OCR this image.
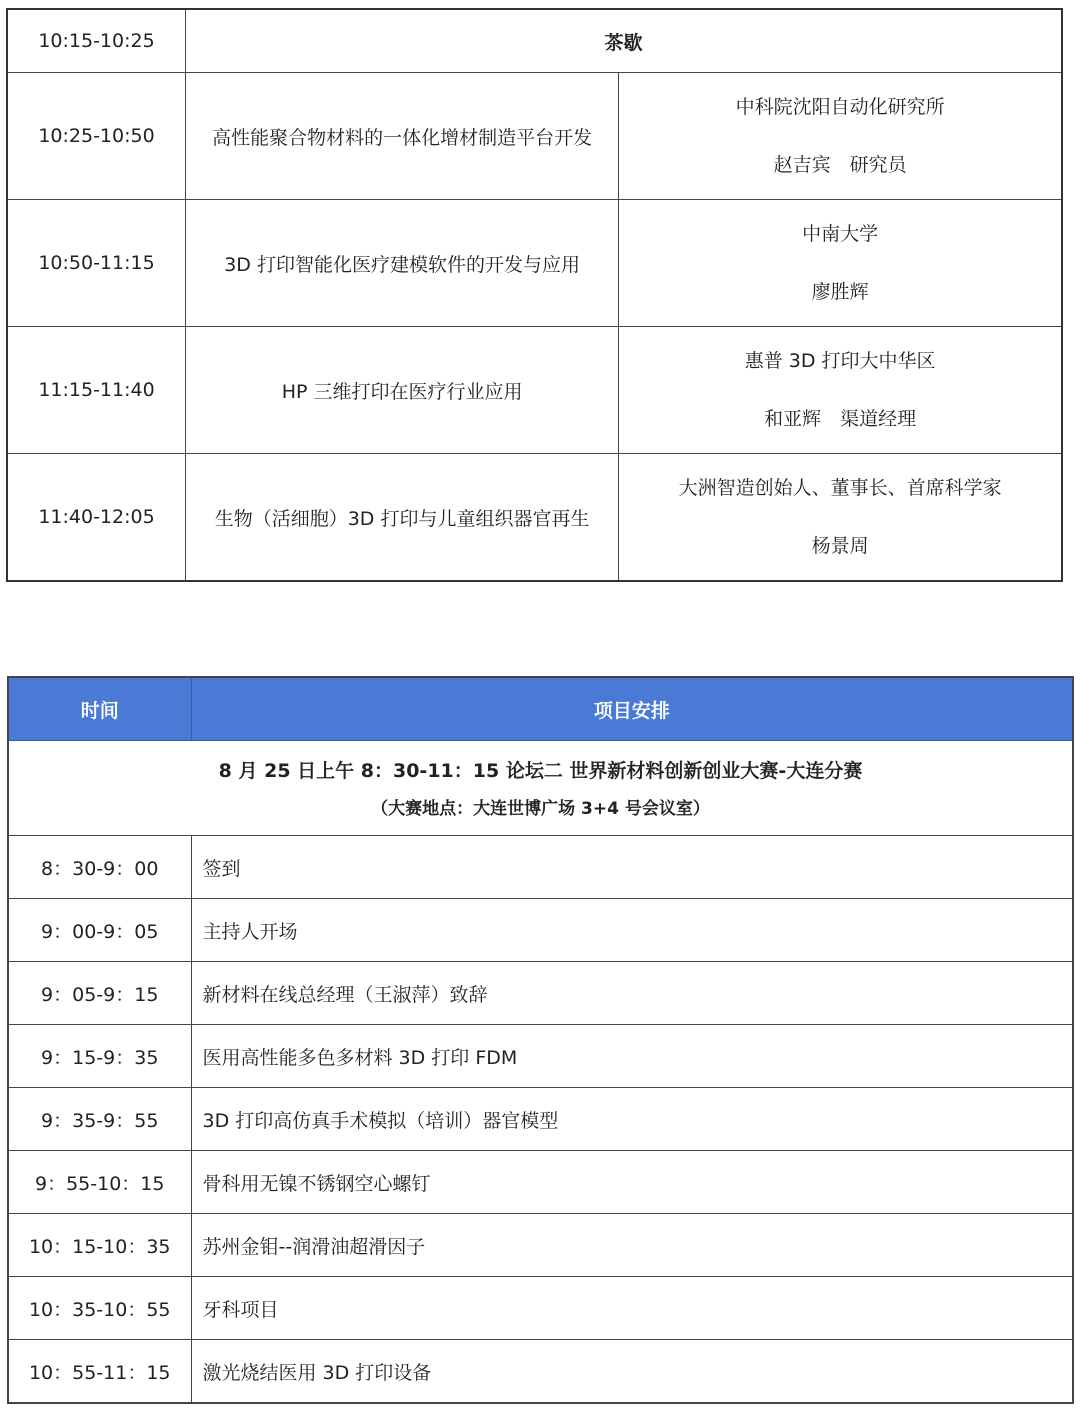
10:15-10:25	茶歇	
10:25-10:50	高性能聚合物材料的一体化增材制造平台开发	中科院沈阳自动化研究所
赵吉宾　研究员

10:50-11:15	3D 打印智能化医疗建模软件的开发与应用	中南大学
廖胜辉

11:15-11:40	HP 三维打印在医疗行业应用	惠普 3D 打印大中华区
和亚辉　渠道经理

11:40-12:05	生物（活细胞）3D 打印与儿童组织器官再生	大洲智造创始人、董事长、首席科学家
杨景周
时间	项目安排

8 月 25 日上午 8：30-11：15 论坛二 世界新材料创新创业大赛-大连分赛
（大赛地点：大连世博广场 3+4 号会议室）	

8：30-9：00	签到
9：00-9：05	主持人开场
9：05-9：15	新材料在线总经理（王淑萍）致辞
9：15-9：35	医用高性能多色多材料 3D 打印 FDM
9：35-9：55	3D 打印高仿真手术模拟（培训）器官模型
9：55-10：15	骨科用无镍不锈钢空心螺钉
10：15-10：35	苏州金钼--润滑油超滑因子
10：35-10：55	牙科项目
10：55-11：15	激光烧结医用 3D 打印设备
